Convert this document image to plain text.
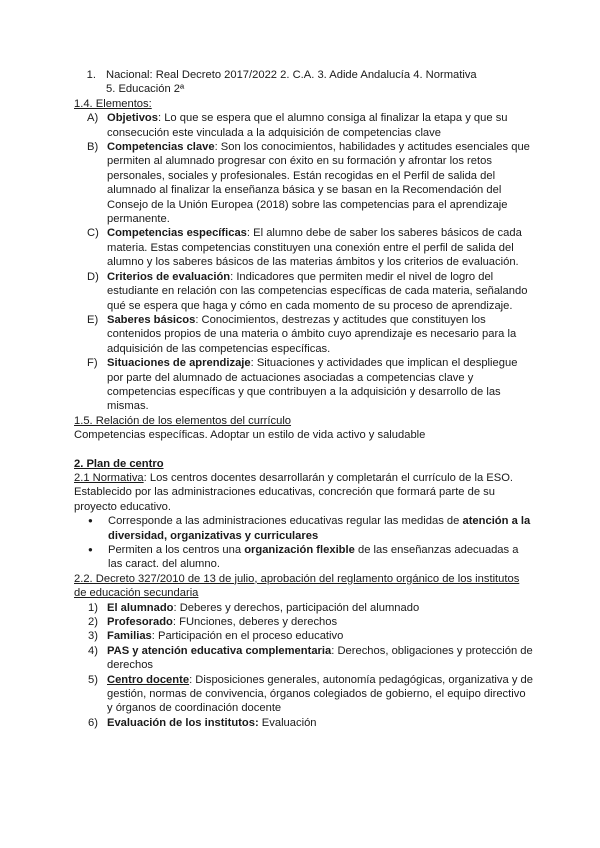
1. Nacional: Real Decreto 2017/2022 2. C.A. 3. Adide Andalucía 4. Normativa

5. Educación 2ª

1.4. Elementos:

A) Objetivos: Lo que se espera que el alumno consiga al finalizar la etapa y que su consecución este vinculada a la adquisición de competencias clave
B) Competencias clave: Son los conocimientos, habilidades y actitudes esenciales que permiten al alumnado progresar con éxito en su formación y afrontar los retos personales, sociales y profesionales. Están recogidas en el Perfil de salida del alumnado al finalizar la enseñanza básica y se basan en la Recomendación del Consejo de la Unión Europea (2018) sobre las competencias para el aprendizaje permanente.
C) Competencias específicas: El alumno debe de saber los saberes básicos de cada materia. Estas competencias constituyen una conexión entre el perfil de salida del alumno y los saberes básicos de las materias ámbitos y los criterios de evaluación.
D) Criterios de evaluación: Indicadores que permiten medir el nivel de logro del estudiante en relación con las competencias específicas de cada materia, señalando qué se espera que haga y cómo en cada momento de su proceso de aprendizaje.
E) Saberes básicos: Conocimientos, destrezas y actitudes que constituyen los contenidos propios de una materia o ámbito cuyo aprendizaje es necesario para la adquisición de las competencias específicas.
F) Situaciones de aprendizaje: Situaciones y actividades que implican el despliegue por parte del alumnado de actuaciones asociadas a competencias clave y competencias específicas y que contribuyen a la adquisición y desarrollo de las mismas.

1.5. Relación de los elementos del currículo

Competencias específicas. Adoptar un estilo de vida activo y saludable

2. Plan de centro

2.1 Normativa: Los centros docentes desarrollarán y completarán el currículo de la ESO. Establecido por las administraciones educativas, concreción que formará parte de su proyecto educativo.

●	Corresponde a las administraciones educativas regular las medidas de atención a la diversidad, organizativas y curriculares
●	Permiten a los centros una organización flexible de las enseñanzas adecuadas a las caract. del alumno.

2.2. Decreto 327/2010 de 13 de julio, aprobación del reglamento orgánico de los institutos de educación secundaria

1) El alumnado: Deberes y derechos, participación del alumnado
2) Profesorado: FUnciones, deberes y derechos
3) Familias: Participación en el proceso educativo
4) PAS y atención educativa complementaria: Derechos, obligaciones y protección de derechos
5) Centro docente: Disposiciones generales, autonomía pedagógicas, organizativa y de gestión, normas de convivencia, órganos colegiados de gobierno, el equipo directivo y órganos de coordinación docente
6) Evaluación de los institutos: Evaluación
